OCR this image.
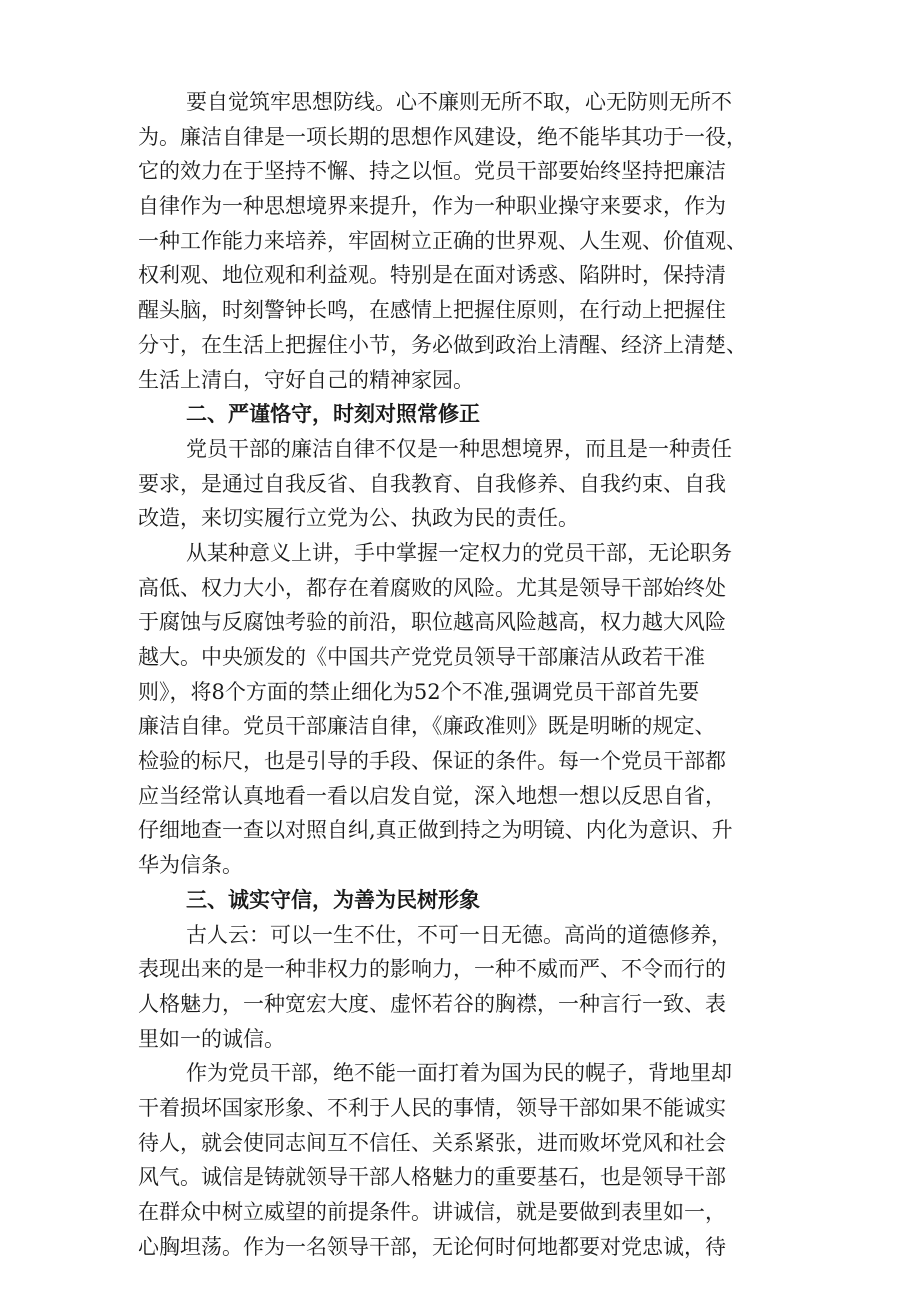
要自觉筑牢思想防线。心不廉则无所不取，心无防则无所不
为。廉洁自律是一项长期的思想作风建设，绝不能毕其功于一役，
它的效力在于坚持不懈、持之以恒。党员干部要始终坚持把廉洁
自律作为一种思想境界来提升，作为一种职业操守来要求，作为
一种工作能力来培养，牢固树立正确的世界观、人生观、价值观、
权利观、地位观和利益观。特别是在面对诱惑、陷阱时，保持清
醒头脑，时刻警钟长鸣，在感情上把握住原则，在行动上把握住
分寸，在生活上把握住小节，务必做到政治上清醒、经济上清楚、
生活上清白，守好自己的精神家园。
二、严谨恪守，时刻对照常修正
党员干部的廉洁自律不仅是一种思想境界，而且是一种责任
要求，是通过自我反省、自我教育、自我修养、自我约束、自我
改造，来切实履行立党为公、执政为民的责任。
从某种意义上讲，手中掌握一定权力的党员干部，无论职务
高低、权力大小，都存在着腐败的风险。尤其是领导干部始终处
于腐蚀与反腐蚀考验的前沿，职位越高风险越高，权力越大风险
越大。中央颁发的《中国共产党党员领导干部廉洁从政若干准
则》，将8个方面的禁止细化为52个不准,强调党员干部首先要
廉洁自律。党员干部廉洁自律，《廉政准则》既是明晰的规定、
检验的标尺，也是引导的手段、保证的条件。每一个党员干部都
应当经常认真地看一看以启发自觉，深入地想一想以反思自省，
仔细地查一查以对照自纠,真正做到持之为明镜、内化为意识、升
华为信条。
三、诚实守信，为善为民树形象
古人云：可以一生不仕，不可一日无德。高尚的道德修养，
表现出来的是一种非权力的影响力，一种不威而严、不令而行的
人格魅力，一种宽宏大度、虚怀若谷的胸襟，一种言行一致、表
里如一的诚信。
作为党员干部，绝不能一面打着为国为民的幌子，背地里却
干着损坏国家形象、不利于人民的事情，领导干部如果不能诚实
待人，就会使同志间互不信任、关系紧张，进而败坏党风和社会
风气。诚信是铸就领导干部人格魅力的重要基石，也是领导干部
在群众中树立威望的前提条件。讲诚信，就是要做到表里如一，
心胸坦荡。作为一名领导干部，无论何时何地都要对党忠诚，待
